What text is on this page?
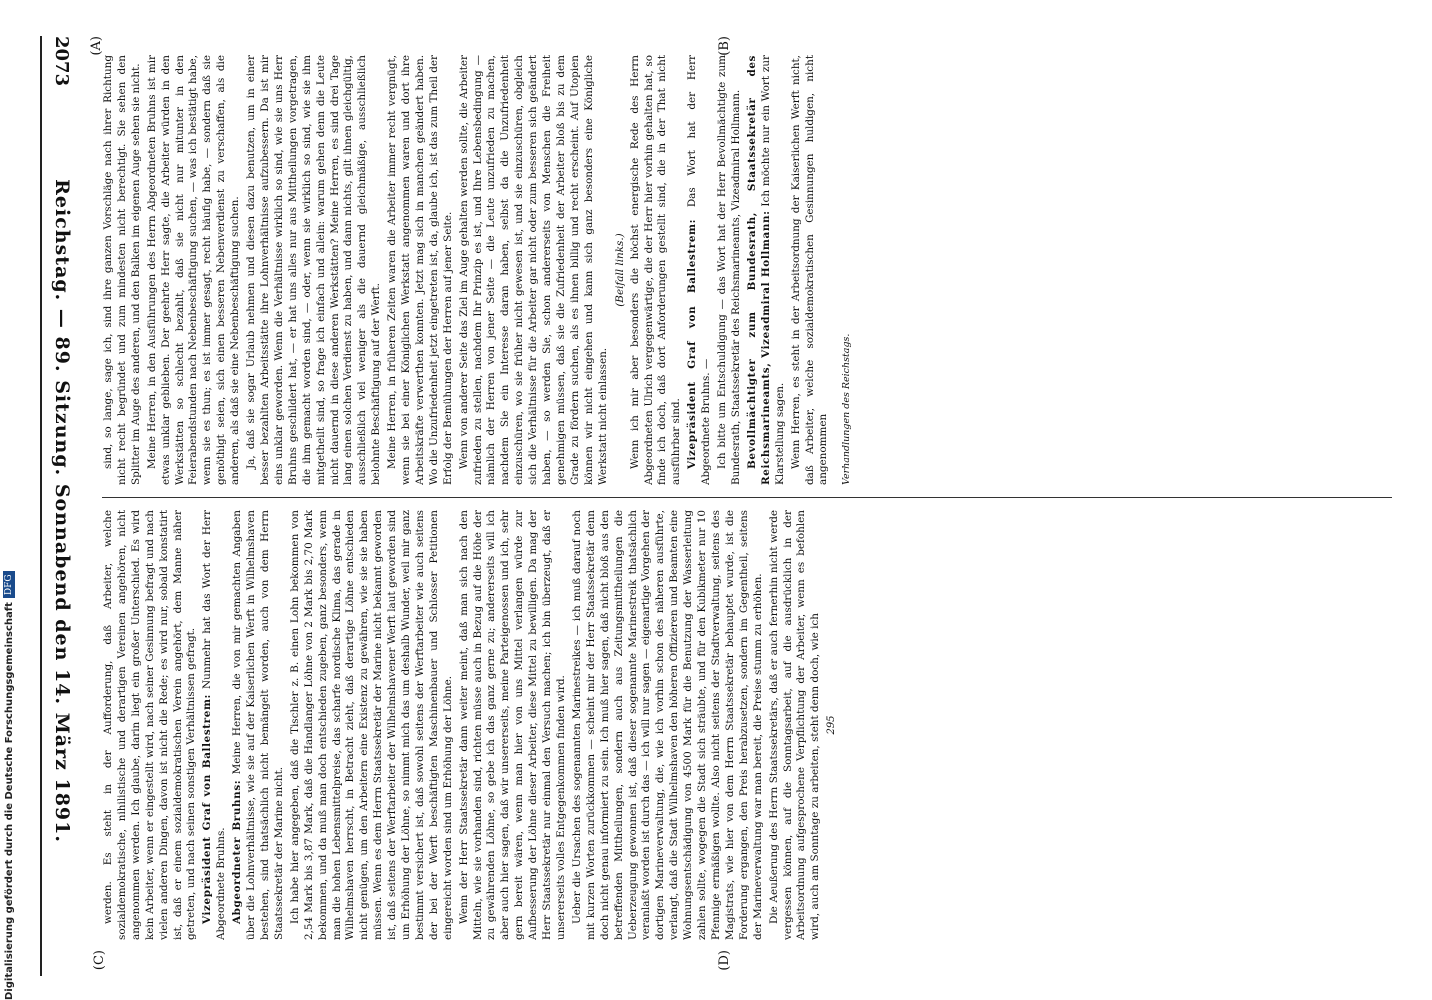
Digitalisierung gefördert durch die Deutsche Forschungsgemeinschaft
DFG
2073
Reichstag. — 89. Sitzung. Sonnabend den 14. März 1891.
(A)	(B)
(C)	(D)

sind, so lange, sage ich, sind ihre ganzen Vorschläge nach ihrer Richtung nicht recht begründet und zum mindesten nicht berechtigt. Sie sehen den Splitter im Auge des anderen, und den Balken im eigenen Auge sehen sie nicht. Meine Herren, in den Ausführungen des Herrn Abgeordneten Bruhns ist mir etwas unklar geblieben. Der geehrte Herr sagte, die Arbeiter würden in den Werkstätten so schlecht bezahlt, daß sie nicht nur mitunter in den Feierabendstunden nach Nebenbeschäftigung suchen, — was ich bestätigt habe, wenn sie es thun; es ist immer gesagt, recht häufig habe, — sondern daß sie genöthigt seien, sich einen besseren Nebenverdienst zu verschaffen, als die anderen, als daß sie eine Nebenbeschäftigung suchen. Ja, daß sie sogar Urlaub nehmen und diesen dazu benutzen, um in einer besser bezahlten Arbeitsstätte ihre Lohnverhältnisse aufzubessern. Da ist mir eins unklar geworden. Wenn die Verhältnisse wirklich so sind, wie sie uns Herr Bruhns geschildert hat, — er hat uns alles nur aus Mittheilungen vorgetragen, die ihm gemacht worden sind, — oder, wenn sie wirklich so sind, wie sie ihm mitgetheilt sind, so frage ich einfach und allein: warum gehen denn die Leute nicht dauernd in diese anderen Werkstätten? Meine Herren, es sind drei Tage lang einen solchen Verdienst zu haben, und dann nichts, gilt ihnen gleichgültig, ausschließlich viel weniger als die dauernd gleichmäßige, ausschließlich belohnte Beschäftigung auf der Werft. Meine Herren, in früheren Zeiten waren die Arbeiter immer recht vergnügt, wenn sie bei einer Königlichen Werkstatt angenommen waren und dort ihre Arbeitskräfte verwerthen konnten. Jetzt mag sich in manchen geändert haben. Wo die Unzufriedenheit jetzt eingetreten ist, da, glaube ich, ist das zum Theil der Erfolg der Bemühungen der Herren auf jener Seite. Wenn von anderer Seite das Ziel im Auge gehalten werden sollte, die Arbeiter zufrieden zu stellen, nachdem Ihr Prinzip es ist, und Ihre Lebensbedingung — nämlich der Herren von jener Seite — die Leute unzufrieden zu machen, nachdem Sie ein Interesse daran haben, selbst da die Unzufriedenheit einzuschüren, wo sie früher nicht gewesen ist, und sie einzuschüren, obgleich sich die Verhältnisse für die Arbeiter gar nicht oder zum besseren sich geändert haben, — so werden Sie, schon andererseits von Menschen die Freiheit genehmigen müssen, daß sie die Zufriedenheit der Arbeiter bloß bis zu dem Grade zu fördern suchen, als es ihnen billig und recht erscheint. Auf Utopien können wir nicht eingehen und kann sich ganz besonders eine Königliche Werkstatt nicht einlassen.

(Beifall links.) Wenn ich mir aber besonders die höchst energische Rede des Herrn Abgeordneten Ulrich vergegenwärtige, die der Herr hier vorhin gehalten hat, so finde ich doch, daß dort Anforderungen gestellt sind, die in der That nicht ausführbar sind. Vizepräsident Graf von Ballestrem: Das Wort hat der Herr Abgeordnete Bruhns. — Ich bitte um Entschuldigung — das Wort hat der Herr Bevollmächtigte zum Bundesrath, Staatssekretär des Reichsmarineamts, Vizeadmiral Hollmann. Bevollmächtigter zum Bundesrath, Staatssekretär des Reichsmarineamts, Vizeadmiral Hollmann: Ich möchte nur ein Wort zur Klarstellung sagen. Wenn Herren, es steht in der Arbeitsordnung der Kaiserlichen Werft nicht, daß Arbeiter, welche sozialdemokratischen Gesinnungen huldigen, nicht angenommen Verhandlungen des Reichstags.

werden. Es steht in der Aufforderung, daß Arbeiter, welche sozialdemokratische, nihilistische und derartigen Vereinen angehören, nicht angenommen werden. Ich glaube, darin liegt ein großer Unterschied. Es wird kein Arbeiter, wenn er eingestellt wird, nach seiner Gesinnung befragt und nach vielen anderen Dingen, davon ist nicht die Rede; es wird nur, sobald konstatirt ist, daß er einem sozialdemokratischen Verein angehört, dem Manne näher getreten, und nach seinen sonstigen Verhältnissen gefragt. Vizepräsident Graf von Ballestrem: Nunmehr hat das Wort der Herr Abgeordnete Bruhns. Abgeordneter Bruhns: Meine Herren, die von mir gemachten Angaben über die Lohnverhältnisse, wie sie auf der Kaiserlichen Werft in Wilhelmshaven bestehen, sind thatsächlich nicht bemängelt worden, auch von dem Herrn Staatssekretär der Marine nicht. Ich habe hier angegeben, daß die Tischler z. B. einen Lohn bekommen von 2,54 Mark bis 3,87 Mark, daß die Handlanger Löhne von 2 Mark bis 2,70 Mark bekommen, und da muß man doch entschieden zugeben, ganz besonders, wenn man die hohen Lebensmittelpreise, das scharfe nordische Klima, das gerade in Wilhelmshaven herrscht, in Betracht zieht, daß derartige Löhne entschieden nicht genügen, um den Arbeitern eine Existenz zu gewähren, wie sie sie haben müssen. Wenn es dem Herrn Staatssekretär der Marine nicht bekannt geworden ist, daß seitens der Werftarbeiter der Wilhelmshavener Werft laut geworden sind um Erhöhung der Löhne, so nimmt mich das um deshalb Wunder, weil mir ganz bestimmt versichert ist, daß sowohl seitens der Werftarbeiter wie auch seitens der bei der Werft beschäftigten Maschinenbauer und Schlosser Petitionen eingereicht worden sind um Erhöhung der Löhne. Wenn der Herr Staatssekretär dann weiter meint, daß man sich nach den Mitteln, wie sie vorhanden sind, richten müsse auch in Bezug auf die Höhe der zu gewährenden Löhne, so gebe ich das ganz gerne zu; andererseits will ich aber auch hier sagen, daß wir unsererseits, meine Parteigenossen und ich, sehr gern bereit wären, wenn man hier von uns Mittel verlangen würde zur Aufbesserung der Löhne dieser Arbeiter, diese Mittel zu bewilligen. Da mag der Herr Staatssekretär nur einmal den Versuch machen; ich bin überzeugt, daß er unsererseits volles Entgegenkommen finden wird. Ueber die Ursachen des sogenannten Marinestreikes — ich muß darauf noch mit kurzen Worten zurückkommen — scheint mir der Herr Staatssekretär denn doch nicht genau informiert zu sein. Ich muß hier sagen, daß nicht bloß aus den betreffenden Mittheilungen, sondern auch aus Zeitungsmittheilungen die Ueberzeugung gewonnen ist, daß dieser sogenannte Marinestreik thatsächlich veranlaßt worden ist durch das — ich will nur sagen — eigenartige Vorgehen der dortigen Marineverwaltung, die, wie ich vorhin schon des näheren ausführte, verlangt, daß die Stadt Wilhelmshaven den höheren Offizieren und Beamten eine Wohnungsentschädigung von 4500 Mark für die Benutzung der Wasserleitung zahlen sollte, wogegen die Stadt sich sträubte, und für den Kubikmeter nur 10 Pfennige ermäßigen wollte. Also nicht seitens der Stadtverwaltung, seitens des Magistrats, wie hier von dem Herrn Staatssekretär behauptet wurde, ist die Forderung ergangen, den Preis herabzusetzen, sondern im Gegentheil, seitens der Marineverwaltung war man bereit, die Preise stumm zu erhöhen. Die Aeußerung des Herrn Staatssekretärs, daß er auch fernerhin nicht werde vergessen können, auf die Sonntagsarbeit, auf die ausdrücklich in der Arbeitsordnung aufgesprochene Verpflichtung der Arbeiter, wenn es befohlen wird, auch am Sonntage zu arbeiten, steht denn doch, wie ich 295
